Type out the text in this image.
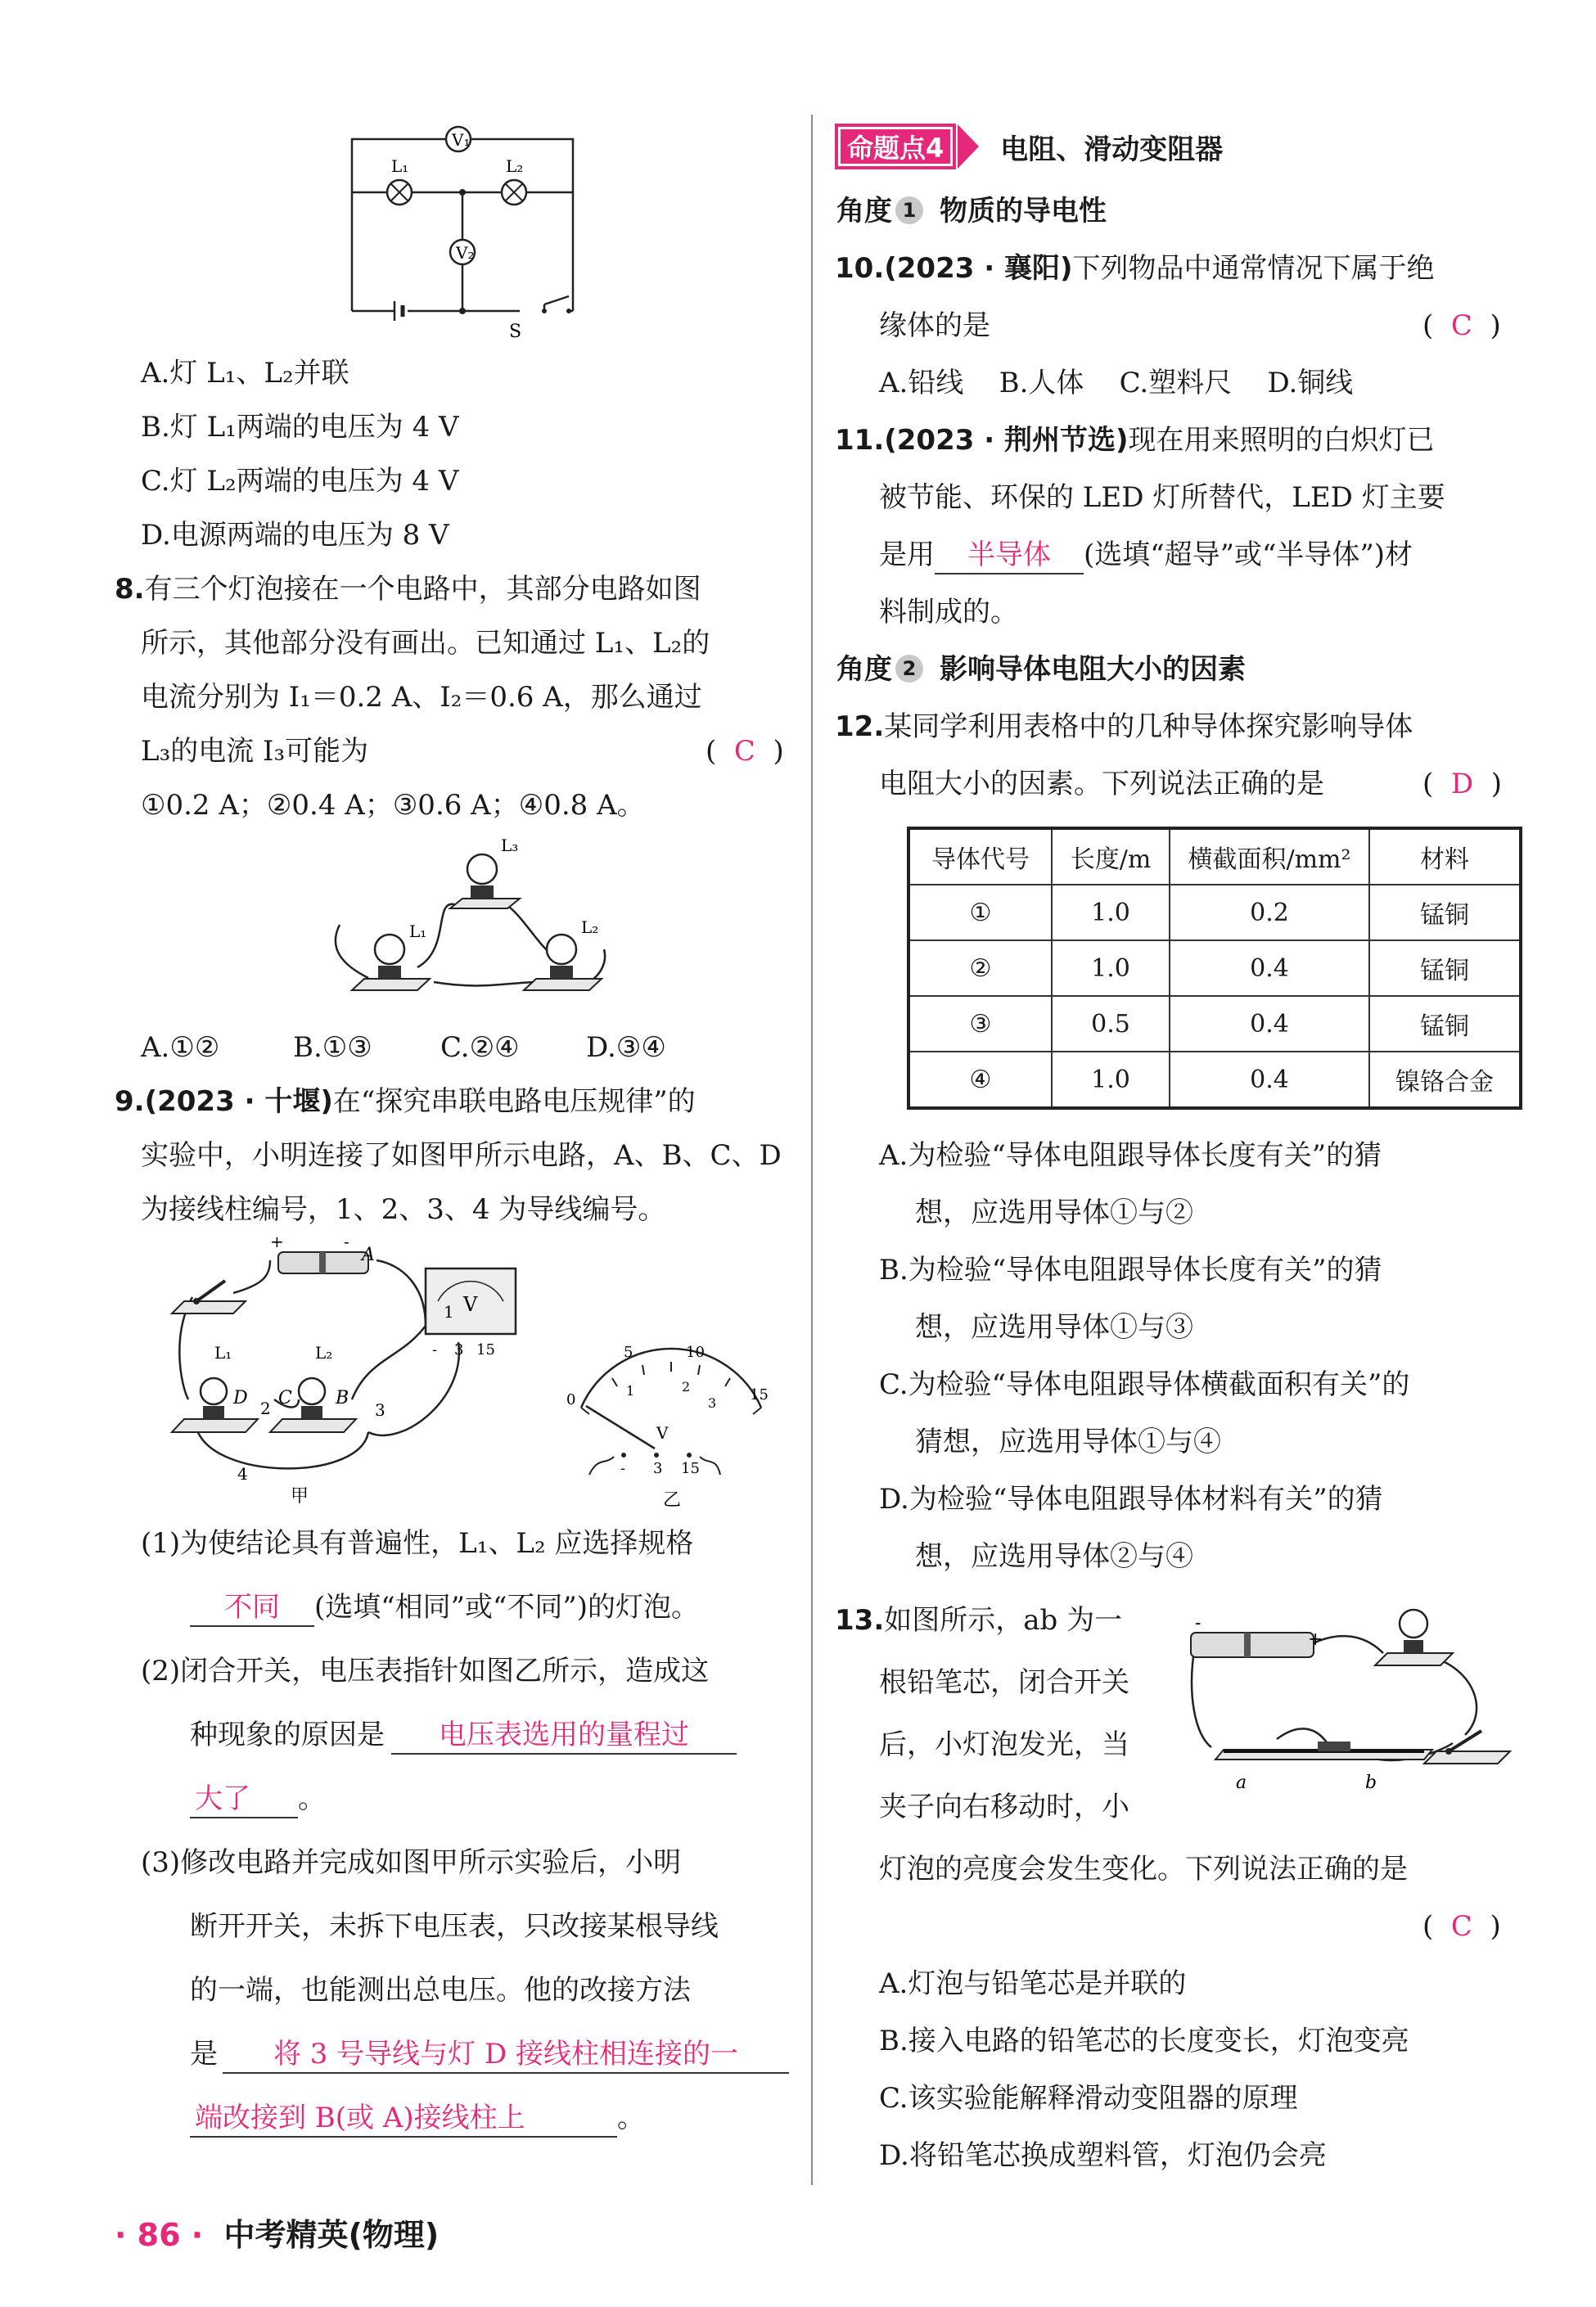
V₁
V₂
L₁	L₂
S
A.灯 L₁、L₂并联
B.灯 L₁两端的电压为 4 V
C.灯 L₂两端的电压为 4 V
D.电源两端的电压为 8 V
8.有三个灯泡接在一个电路中，其部分电路如图
所示，其他部分没有画出。已知通过 L₁、L₂的
电流分别为 I₁＝0.2 A、I₂＝0.6 A，那么通过
L₃的电流 I₃可能为	(  C  )
①0.2 A；②0.4 A；③0.6 A；④0.8 A。
L₃
L₁	L₂
A.①②	B.①③ C.②④ D.③④
9.(2023 · 十堰)在“探究串联电路电压规律”的
实验中，小明连接了如图甲所示电路，A、B、C、D
为接线柱编号，1、2、3、4 为导线编号。
+	-
A
V
- 3 15
1
L₁
D
L₂
C B
2	3
4
甲
0
5	10
15
1	2
3
V
- 3 15
乙
(1)为使结论具有普遍性，L₁、L₂ 应选择规格
不同 (选填“相同”或“不同”)的灯泡。
(2)闭合开关，电压表指针如图乙所示，造成这
种现象的原因是 电压表选用的量程过
大了 。
(3)修改电路并完成如图甲所示实验后，小明
断开开关，未拆下电压表，只改接某根导线
的一端，也能测出总电压。他的改接方法
是 将 3 号导线与灯 D 接线柱相连接的一
端改接到 B(或 A)接线柱上	。
命题点4	电阻、滑动变阻器
角度 1 物质的导电性
10.(2023 · 襄阳)下列物品中通常情况下属于绝
缘体的是	(  C  )
A.铅线    B.人体    C.塑料尺    D.铜线
11.(2023 · 荆州节选)现在用来照明的白炽灯已
被节能、环保的 LED 灯所替代，LED 灯主要
是用 半导体 (选填“超导”或“半导体”)材
料制成的。
角度 2 影响导体电阻大小的因素
12.某同学利用表格中的几种导体探究影响导体
电阻大小的因素。下列说法正确的是	(  D  )
导体代号	长度/m	横截面积/mm²	材料
①	1.0	0.2	锰铜
②	1.0	0.4	锰铜
③	0.5	0.4	锰铜
④	1.0	0.4	镍铬合金
A.为检验“导体电阻跟导体长度有关”的猜
想，应选用导体①与②
B.为检验“导体电阻跟导体长度有关”的猜
想，应选用导体①与③
C.为检验“导体电阻跟导体横截面积有关”的
猜想，应选用导体①与④
D.为检验“导体电阻跟导体材料有关”的猜
想，应选用导体②与④
13.如图所示，ab 为一
根铅笔芯，闭合开关
后，小灯泡发光，当
夹子向右移动时，小
-
+
a	b
灯泡的亮度会发生变化。下列说法正确的是
(  C  )
A.灯泡与铅笔芯是并联的
B.接入电路的铅笔芯的长度变长，灯泡变亮
C.该实验能解释滑动变阻器的原理
D.将铅笔芯换成塑料管，灯泡仍会亮
· 86 · 中考精英(物理)
